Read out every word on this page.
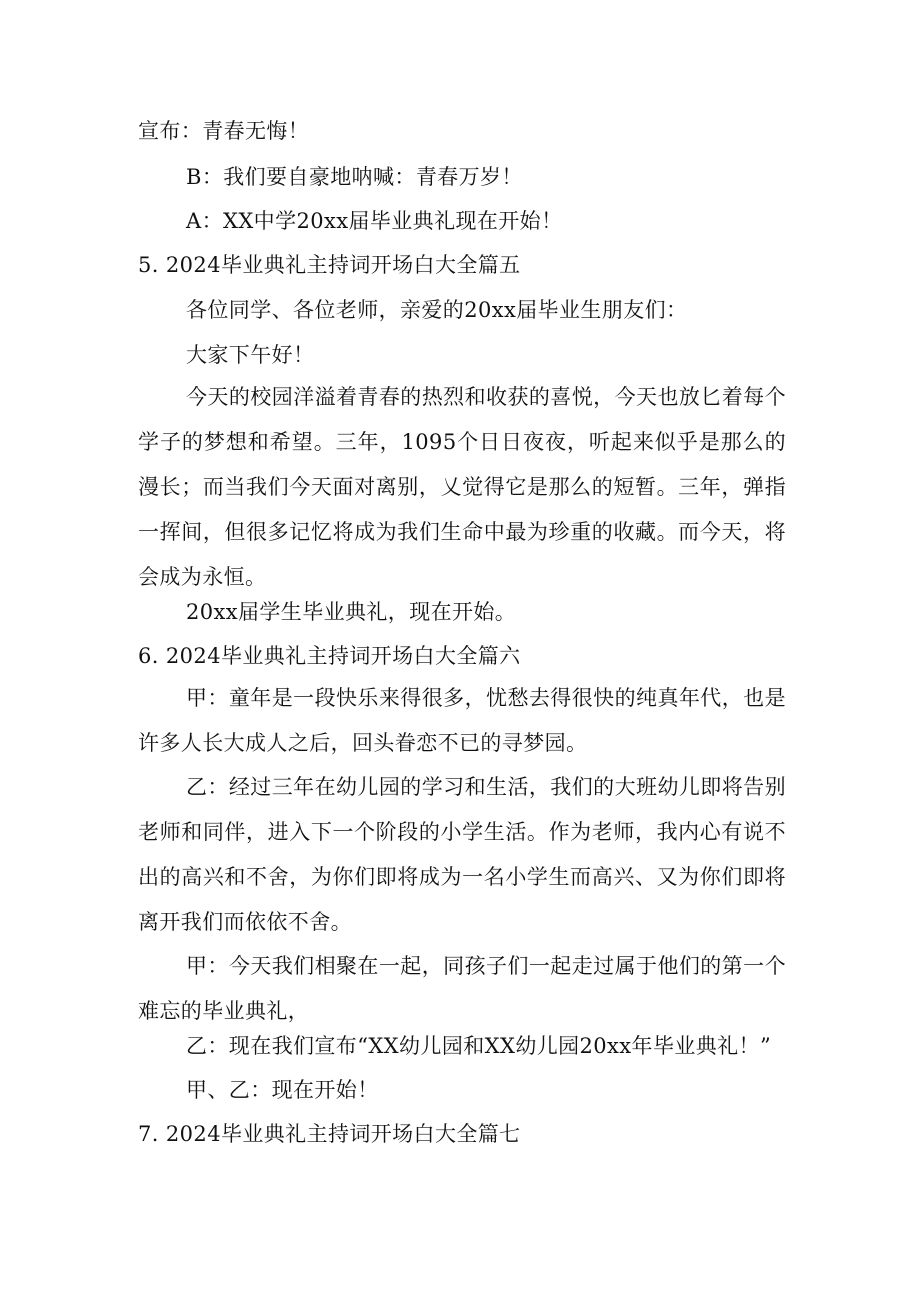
宣布：青春无悔！

B：我们要自豪地呐喊：青春万岁！

A：XX中学20xx届毕业典礼现在开始！

5. 2024毕业典礼主持词开场白大全篇五

各位同学、各位老师，亲爱的20xx届毕业生朋友们：

大家下午好！

今天的校园洋溢着青春的热烈和收获的喜悦，今天也放匕着每个学子的梦想和希望。三年，1095个日日夜夜，听起来似乎是那么的漫长；而当我们今天面对离别，乂觉得它是那么的短暂。三年，弹指一挥间，但很多记忆将成为我们生命中最为珍重的收藏。而今天，将会成为永恒。

20xx届学生毕业典礼，现在开始。

6. 2024毕业典礼主持词开场白大全篇六

甲：童年是一段快乐来得很多，忧愁去得很快的纯真年代，也是许多人长大成人之后，回头眷恋不已的寻梦园。

乙：经过三年在幼儿园的学习和生活，我们的大班幼儿即将告别老师和同伴，进入下一个阶段的小学生活。作为老师，我内心有说不出的高兴和不舍，为你们即将成为一名小学生而高兴、又为你们即将离开我们而依依不舍。

甲：今天我们相聚在一起，同孩子们一起走过属于他们的第一个难忘的毕业典礼，

乙：现在我们宣布“XX幼儿园和XX幼儿园20xx年毕业典礼！”

甲、乙：现在开始！

7. 2024毕业典礼主持词开场白大全篇七
